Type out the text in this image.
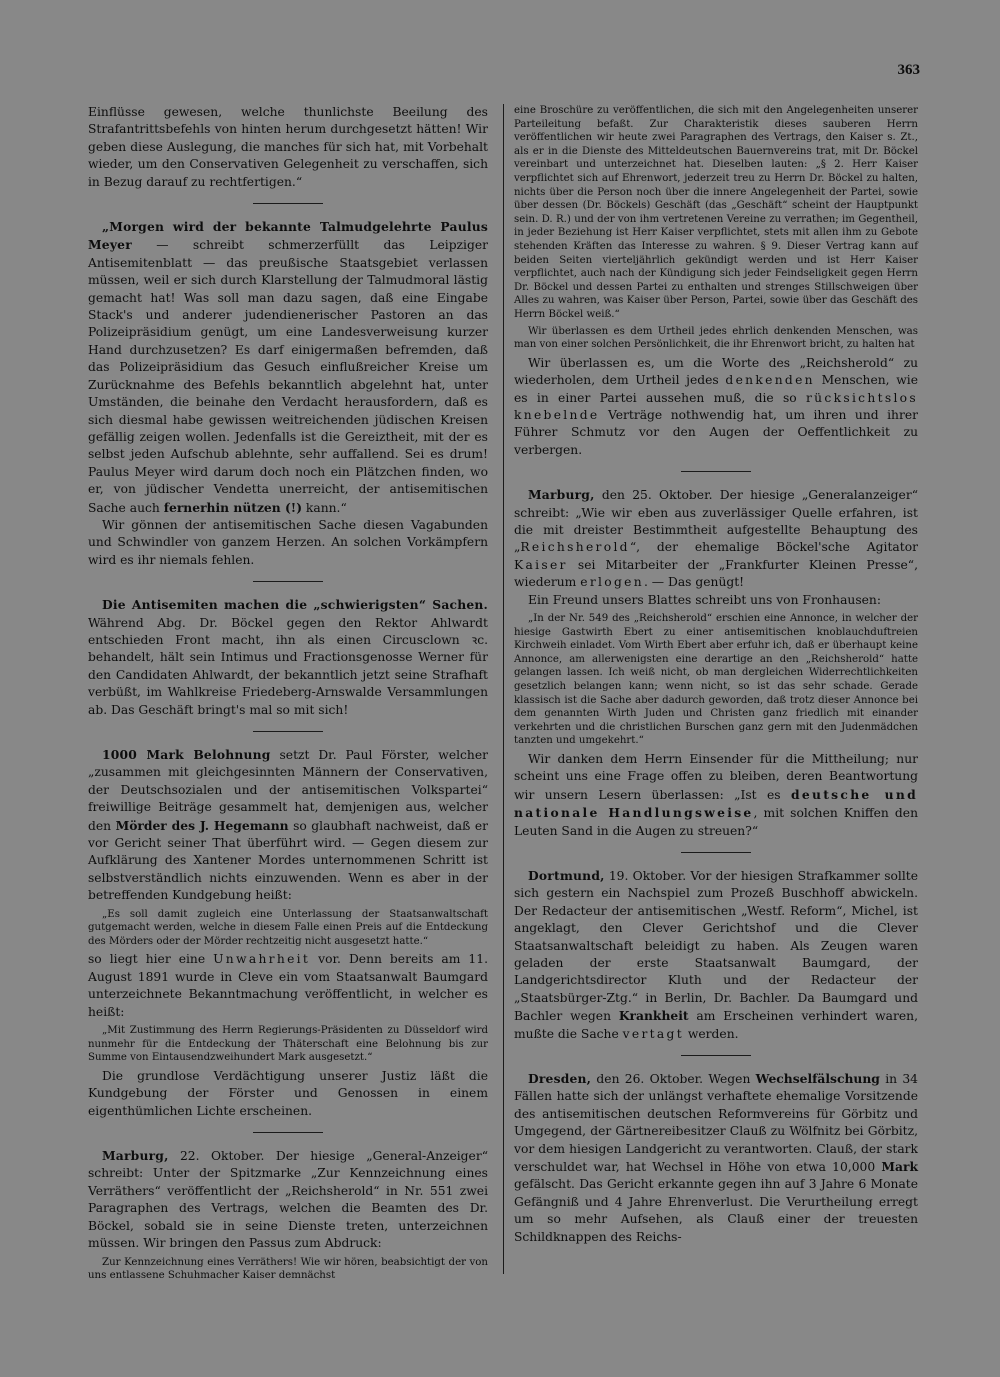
363

Einflüsse gewesen, welche thunlichste Beeilung des Strafantrittsbefehls von hinten herum durchgesetzt hätten! Wir geben diese Auslegung, die manches für sich hat, mit Vorbehalt wieder, um den Conservativen Gelegenheit zu verschaffen, sich in Bezug darauf zu rechtfertigen.“

„Morgen wird der bekannte Talmudgelehrte Paulus Meyer — schreibt schmerzerfüllt das Leipziger Antisemitenblatt — das preußische Staatsgebiet verlassen müssen, weil er sich durch Klarstellung der Talmudmoral lästig gemacht hat! Was soll man dazu sagen, daß eine Eingabe Stack's und anderer judendienerischer Pastoren an das Polizeipräsidium genügt, um eine Landesverweisung kurzer Hand durchzusetzen? Es darf einigermaßen befremden, daß das Polizeipräsidium das Gesuch einflußreicher Kreise um Zurücknahme des Befehls bekanntlich abgelehnt hat, unter Umständen, die beinahe den Verdacht herausfordern, daß es sich diesmal habe gewissen weitreichenden jüdischen Kreisen gefällig zeigen wollen. Jedenfalls ist die Gereiztheit, mit der es selbst jeden Aufschub ablehnte, sehr auffallend. Sei es drum! Paulus Meyer wird darum doch noch ein Plätzchen finden, wo er, von jüdischer Vendetta unerreicht, der antisemitischen Sache auch fernerhin nützen (!) kann.“

Wir gönnen der antisemitischen Sache diesen Vagabunden und Schwindler von ganzem Herzen. An solchen Vorkämpfern wird es ihr niemals fehlen.

Die Antisemiten machen die „schwierigsten“ Sachen. Während Abg. Dr. Böckel gegen den Rektor Ahlwardt entschieden Front macht, ihn als einen Circusclown ꝛc. behandelt, hält sein Intimus und Fractionsgenosse Werner für den Candidaten Ahlwardt, der bekanntlich jetzt seine Strafhaft verbüßt, im Wahlkreise Friedeberg-Arnswalde Versammlungen ab. Das Geschäft bringt's mal so mit sich!

1000 Mark Belohnung setzt Dr. Paul Förster, welcher „zusammen mit gleichgesinnten Männern der Conservativen, der Deutschsozialen und der antisemitischen Volkspartei“ freiwillige Beiträge gesammelt hat, demjenigen aus, welcher den Mörder des J. Hegemann so glaubhaft nachweist, daß er vor Gericht seiner That überführt wird. — Gegen diesem zur Aufklärung des Xantener Mordes unternommenen Schritt ist selbstverständlich nichts einzuwenden. Wenn es aber in der betreffenden Kundgebung heißt:

„Es soll damit zugleich eine Unterlassung der Staatsanwaltschaft gutgemacht werden, welche in diesem Falle einen Preis auf die Entdeckung des Mörders oder der Mörder rechtzeitig nicht ausgesetzt hatte.“

so liegt hier eine Unwahrheit vor. Denn bereits am 11. August 1891 wurde in Cleve ein vom Staatsanwalt Baumgard unterzeichnete Bekanntmachung veröffentlicht, in welcher es heißt:

„Mit Zustimmung des Herrn Regierungs-Präsidenten zu Düsseldorf wird nunmehr für die Entdeckung der Thäterschaft eine Belohnung bis zur Summe von Eintausendzweihundert Mark ausgesetzt.“

Die grundlose Verdächtigung unserer Justiz läßt die Kundgebung der Förster und Genossen in einem eigenthümlichen Lichte erscheinen.

Marburg, 22. Oktober. Der hiesige „General-Anzeiger“ schreibt: Unter der Spitzmarke „Zur Kennzeichnung eines Verräthers“ veröffentlicht der „Reichsherold“ in Nr. 551 zwei Paragraphen des Vertrags, welchen die Beamten des Dr. Böckel, sobald sie in seine Dienste treten, unterzeichnen müssen. Wir bringen den Passus zum Abdruck:

Zur Kennzeichnung eines Verräthers! Wie wir hören, beabsichtigt der von uns entlassene Schuhmacher Kaiser demnächst

eine Broschüre zu veröffentlichen, die sich mit den Angelegenheiten unserer Parteileitung befaßt. Zur Charakteristik dieses sauberen Herrn veröffentlichen wir heute zwei Paragraphen des Vertrags, den Kaiser s. Zt., als er in die Dienste des Mitteldeutschen Bauernvereins trat, mit Dr. Böckel vereinbart und unterzeichnet hat. Dieselben lauten: „§ 2. Herr Kaiser verpflichtet sich auf Ehrenwort, jederzeit treu zu Herrn Dr. Böckel zu halten, nichts über die Person noch über die innere Angelegenheit der Partei, sowie über dessen (Dr. Böckels) Geschäft (das „Geschäft“ scheint der Hauptpunkt sein. D. R.) und der von ihm vertretenen Vereine zu verrathen; im Gegentheil, in jeder Beziehung ist Herr Kaiser verpflichtet, stets mit allen ihm zu Gebote stehenden Kräften das Interesse zu wahren. § 9. Dieser Vertrag kann auf beiden Seiten vierteljährlich gekündigt werden und ist Herr Kaiser verpflichtet, auch nach der Kündigung sich jeder Feindseligkeit gegen Herrn Dr. Böckel und dessen Partei zu enthalten und strenges Stillschweigen über Alles zu wahren, was Kaiser über Person, Partei, sowie über das Geschäft des Herrn Böckel weiß.“

Wir überlassen es dem Urtheil jedes ehrlich denkenden Menschen, was man von einer solchen Persönlichkeit, die ihr Ehrenwort bricht, zu halten hat

Wir überlassen es, um die Worte des „Reichsherold“ zu wiederholen, dem Urtheil jedes denkenden Menschen, wie es in einer Partei aussehen muß, die so rücksichtslos knebelnde Verträge nothwendig hat, um ihren und ihrer Führer Schmutz vor den Augen der Oeffentlichkeit zu verbergen.

Marburg, den 25. Oktober. Der hiesige „Generalanzeiger“ schreibt: „Wie wir eben aus zuverlässiger Quelle erfahren, ist die mit dreister Bestimmtheit aufgestellte Behauptung des „Reichsherold“, der ehemalige Böckel'sche Agitator Kaiser sei Mitarbeiter der „Frankfurter Kleinen Presse“, wiederum erlogen. — Das genügt!

Ein Freund unsers Blattes schreibt uns von Fronhausen:

„In der Nr. 549 des „Reichsherold“ erschien eine Annonce, in welcher der hiesige Gastwirth Ebert zu einer antisemitischen knoblauchduftreien Kirchweih einladet. Vom Wirth Ebert aber erfuhr ich, daß er überhaupt keine Annonce, am allerwenigsten eine derartige an den „Reichsherold“ hatte gelangen lassen. Ich weiß nicht, ob man dergleichen Widerrechtlichkeiten gesetzlich belangen kann; wenn nicht, so ist das sehr schade. Gerade klassisch ist die Sache aber dadurch geworden, daß trotz dieser Annonce bei dem genannten Wirth Juden und Christen ganz friedlich mit einander verkehrten und die christlichen Burschen ganz gern mit den Judenmädchen tanzten und umgekehrt.“

Wir danken dem Herrn Einsender für die Mittheilung; nur scheint uns eine Frage offen zu bleiben, deren Beantwortung wir unsern Lesern überlassen: „Ist es deutsche und nationale Handlungsweise, mit solchen Kniffen den Leuten Sand in die Augen zu streuen?“

Dortmund, 19. Oktober. Vor der hiesigen Strafkammer sollte sich gestern ein Nachspiel zum Prozeß Buschhoff abwickeln. Der Redacteur der antisemitischen „Westf. Reform“, Michel, ist angeklagt, den Clever Gerichtshof und die Clever Staatsanwaltschaft beleidigt zu haben. Als Zeugen waren geladen der erste Staatsanwalt Baumgard, der Landgerichtsdirector Kluth und der Redacteur der „Staatsbürger-Ztg.“ in Berlin, Dr. Bachler. Da Baumgard und Bachler wegen Krankheit am Erscheinen verhindert waren, mußte die Sache vertagt werden.

Dresden, den 26. Oktober. Wegen Wechselfälschung in 34 Fällen hatte sich der unlängst verhaftete ehemalige Vorsitzende des antisemitischen deutschen Reformvereins für Görbitz und Umgegend, der Gärtnereibesitzer Clauß zu Wölfnitz bei Görbitz, vor dem hiesigen Landgericht zu verantworten. Clauß, der stark verschuldet war, hat Wechsel in Höhe von etwa 10,000 Mark gefälscht. Das Gericht erkannte gegen ihn auf 3 Jahre 6 Monate Gefängniß und 4 Jahre Ehrenverlust. Die Verurtheilung erregt um so mehr Aufsehen, als Clauß einer der treuesten Schildknappen des Reichs-
